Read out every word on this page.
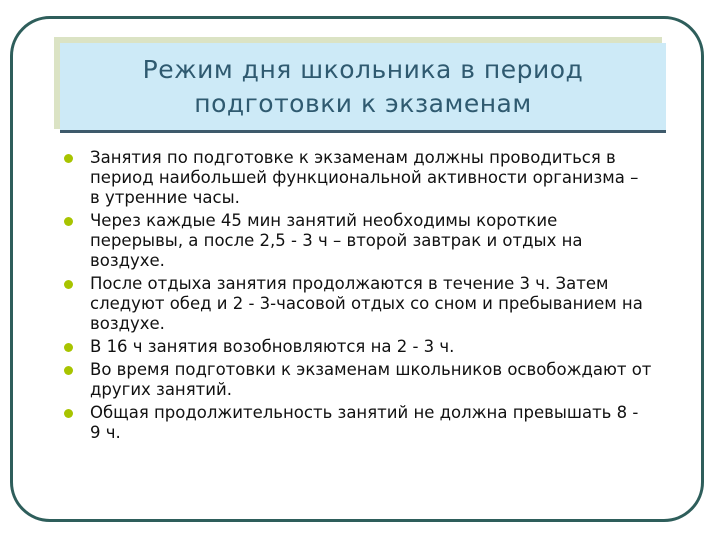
Режим дня школьника в период подготовки к экзаменам
Занятия по подготовке к экзаменам должны проводиться в период наибольшей функциональной активности организма – в утренние часы.
Через каждые 45 мин занятий необходимы короткие перерывы, а после 2,5 - 3 ч – второй завтрак и отдых на воздухе.
После отдыха занятия продолжаются в течение 3 ч. Затем следуют обед и 2 - 3-часовой отдых со сном и пребыванием на воздухе.
В 16 ч занятия возобновляются на 2 - 3 ч.
Во время подготовки к экзаменам школьников освобождают от других занятий.
Общая продолжительность занятий не должна превышать 8 - 9 ч.
